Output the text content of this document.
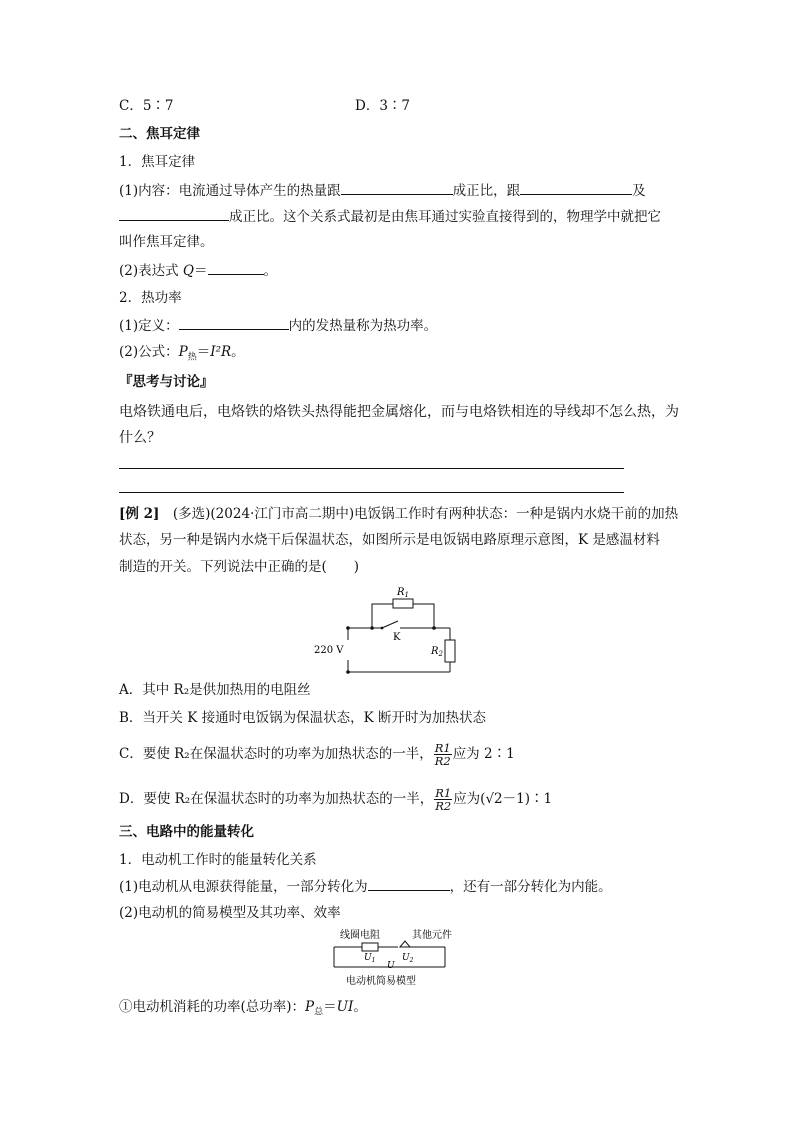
C．5∶7	D．3∶7
二、焦耳定律
1．焦耳定律
(1)内容：电流通过导体产生的热量跟	成正比，跟	及
成正比。这个关系式最初是由焦耳通过实验直接得到的，物理学中就把它
叫作焦耳定律。
(2)表达式 Q＝	。
2．热功率
(1)定义：	内的发热量称为热功率。
(2)公式：$P_热=I^2R$。
『思考与讨论』
电烙铁通电后，电烙铁的烙铁头热得能把金属熔化，而与电烙铁相连的导线却不怎么热，为
什么？
[例 2]　(多选)(2024·江门市高二期中)电饭锅工作时有两种状态：一种是锅内水烧干前的加热
状态，另一种是锅内水烧干后保温状态，如图所示是电饭锅电路原理示意图，K 是感温材料
制造的开关。下列说法中正确的是(　　)
$R_1$
K
$R_2$
220 V
A．其中 R₂是供加热用的电阻丝
B．当开关 K 接通时电饭锅为保温状态，K 断开时为加热状态
C．要使 R₂在保温状态时的功率为加热状态的一半， $\frac{R1}{R2}$ 应为 2∶1
D．要使 R₂在保温状态时的功率为加热状态的一半， $\frac{R1}{R2}$ 应为(√2－1)∶1
三、电路中的能量转化
1．电动机工作时的能量转化关系
(1)电动机从电源获得能量，一部分转化为	，还有一部分转化为内能。
(2)电动机的简易模型及其功率、效率
线圈电阻	其他元件
$U_1$	$U_2$
U
电动机简易模型
①电动机消耗的功率(总功率)：$P_总=UI$。
